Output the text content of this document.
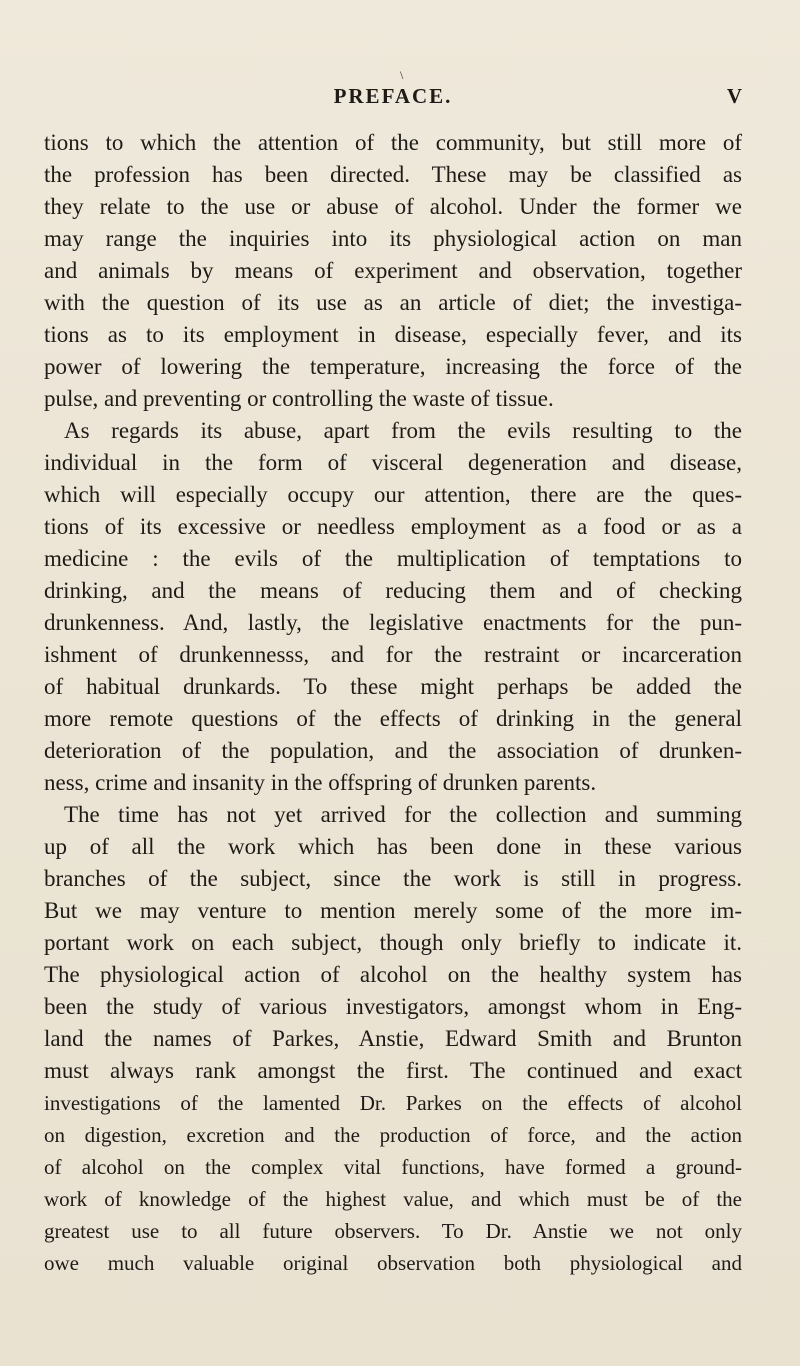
\
PREFACE.	V
tions to which the attention of the community, but still more of
the profession has been directed. These may be classified as
they relate to the use or abuse of alcohol. Under the former we
may range the inquiries into its physiological action on man
and animals by means of experiment and observation, together
with the question of its use as an article of diet; the investiga-
tions as to its employment in disease, especially fever, and its
power of lowering the temperature, increasing the force of the
pulse, and preventing or controlling the waste of tissue.
As regards its abuse, apart from the evils resulting to the
individual in the form of visceral degeneration and disease,
which will especially occupy our attention, there are the ques-
tions of its excessive or needless employment as a food or as a
medicine : the evils of the multiplication of temptations to
drinking, and the means of reducing them and of checking
drunkenness. And, lastly, the legislative enactments for the pun-
ishment of drunkennesss, and for the restraint or incarceration
of habitual drunkards. To these might perhaps be added the
more remote questions of the effects of drinking in the general
deterioration of the population, and the association of drunken-
ness, crime and insanity in the offspring of drunken parents.
The time has not yet arrived for the collection and summing
up of all the work which has been done in these various
branches of the subject, since the work is still in progress.
But we may venture to mention merely some of the more im-
portant work on each subject, though only briefly to indicate it.
The physiological action of alcohol on the healthy system has
been the study of various investigators, amongst whom in Eng-
land the names of Parkes, Anstie, Edward Smith and Brunton
must always rank amongst the first. The continued and exact
investigations of the lamented Dr. Parkes on the effects of alcohol
on digestion, excretion and the production of force, and the action
of alcohol on the complex vital functions, have formed a ground-
work of knowledge of the highest value, and which must be of the
greatest use to all future observers. To Dr. Anstie we not only
owe much valuable original observation both physiological and
